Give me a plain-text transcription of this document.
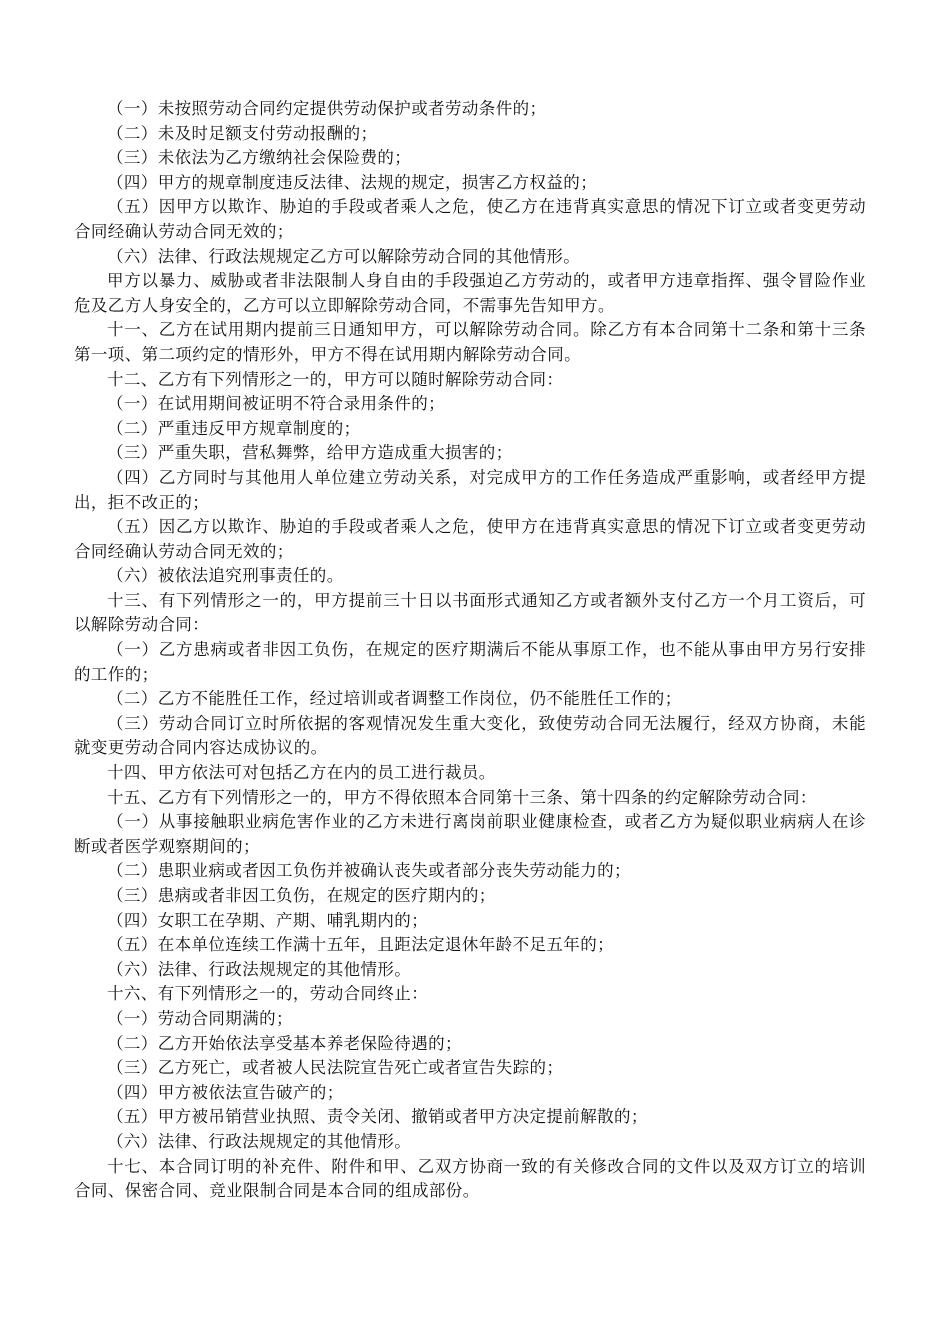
（一）未按照劳动合同约定提供劳动保护或者劳动条件的；

（二）未及时足额支付劳动报酬的；

（三）未依法为乙方缴纳社会保险费的；

（四）甲方的规章制度违反法律、法规的规定，损害乙方权益的；

（五）因甲方以欺诈、胁迫的手段或者乘人之危，使乙方在违背真实意思的情况下订立或者变更劳动合同经确认劳动合同无效的；

（六）法律、行政法规规定乙方可以解除劳动合同的其他情形。

甲方以暴力、威胁或者非法限制人身自由的手段强迫乙方劳动的，或者甲方违章指挥、强令冒险作业危及乙方人身安全的，乙方可以立即解除劳动合同，不需事先告知甲方。

十一、乙方在试用期内提前三日通知甲方，可以解除劳动合同。除乙方有本合同第十二条和第十三条第一项、第二项约定的情形外，甲方不得在试用期内解除劳动合同。

十二、乙方有下列情形之一的，甲方可以随时解除劳动合同：

（一）在试用期间被证明不符合录用条件的；

（二）严重违反甲方规章制度的；

（三）严重失职，营私舞弊，给甲方造成重大损害的；

（四）乙方同时与其他用人单位建立劳动关系，对完成甲方的工作任务造成严重影响，或者经甲方提出，拒不改正的；

（五）因乙方以欺诈、胁迫的手段或者乘人之危，使甲方在违背真实意思的情况下订立或者变更劳动合同经确认劳动合同无效的；

（六）被依法追究刑事责任的。

十三、有下列情形之一的，甲方提前三十日以书面形式通知乙方或者额外支付乙方一个月工资后，可以解除劳动合同：

（一）乙方患病或者非因工负伤，在规定的医疗期满后不能从事原工作，也不能从事由甲方另行安排的工作的；

（二）乙方不能胜任工作，经过培训或者调整工作岗位，仍不能胜任工作的；

（三）劳动合同订立时所依据的客观情况发生重大变化，致使劳动合同无法履行，经双方协商，未能就变更劳动合同内容达成协议的。

十四、甲方依法可对包括乙方在内的员工进行裁员。

十五、乙方有下列情形之一的，甲方不得依照本合同第十三条、第十四条的约定解除劳动合同：

（一）从事接触职业病危害作业的乙方未进行离岗前职业健康检查，或者乙方为疑似职业病病人在诊断或者医学观察期间的；

（二）患职业病或者因工负伤并被确认丧失或者部分丧失劳动能力的；

（三）患病或者非因工负伤，在规定的医疗期内的；

（四）女职工在孕期、产期、哺乳期内的；

（五）在本单位连续工作满十五年，且距法定退休年龄不足五年的；

（六）法律、行政法规规定的其他情形。

十六、有下列情形之一的，劳动合同终止：

（一）劳动合同期满的；

（二）乙方开始依法享受基本养老保险待遇的；

（三）乙方死亡，或者被人民法院宣告死亡或者宣告失踪的；

（四）甲方被依法宣告破产的；

（五）甲方被吊销营业执照、责令关闭、撤销或者甲方决定提前解散的；

（六）法律、行政法规规定的其他情形。

十七、本合同订明的补充件、附件和甲、乙双方协商一致的有关修改合同的文件以及双方订立的培训合同、保密合同、竞业限制合同是本合同的组成部份。
